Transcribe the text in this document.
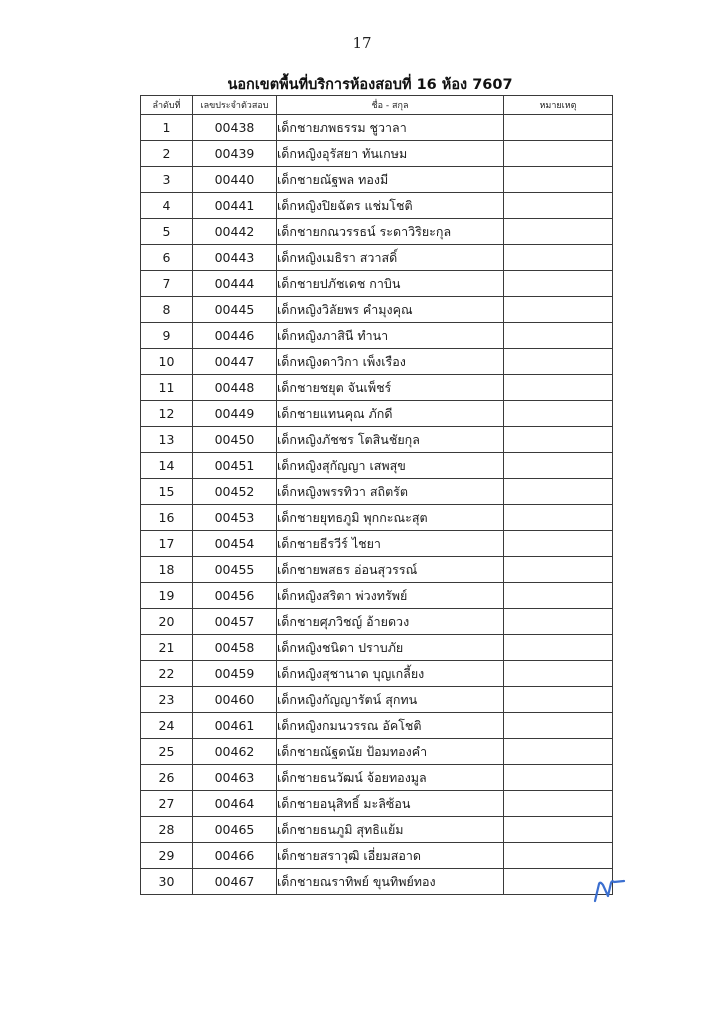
17
นอกเขตพื้นที่บริการห้องสอบที่ 16 ห้อง 7607
ลำดับที่	เลขประจำตัวสอบ	ชื่อ - สกุล	หมายเหตุ
1	00438	เด็กชายภพธรรม ชูวาลา	
2	00439	เด็กหญิงอุรัสยา ทันเกษม	
3	00440	เด็กชายณัฐพล ทองมี	
4	00441	เด็กหญิงปิยฉัตร แช่มโชติ	
5	00442	เด็กชายกณวรรธน์ ระดาวิริยะกุล	
6	00443	เด็กหญิงเมธิรา สวาสดิ์	
7	00444	เด็กชายปภัชเดช กาบิน	
8	00445	เด็กหญิงวิลัยพร คำมุงคุณ	
9	00446	เด็กหญิงภาสินี ทำนา	
10	00447	เด็กหญิงดาวิกา เพ็งเรือง	
11	00448	เด็กชายชยุต จันเพ็ชร์	
12	00449	เด็กชายแทนคุณ ภักดี	
13	00450	เด็กหญิงภัชชร โตสินชัยกุล	
14	00451	เด็กหญิงสุกัญญา เสพสุข	
15	00452	เด็กหญิงพรรทิวา สถิตรัต	
16	00453	เด็กชายยุทธภูมิ พุกกะณะสุต	
17	00454	เด็กชายธีรวีร์ ไชยา	
18	00455	เด็กชายพสธร อ่อนสุวรรณ์	
19	00456	เด็กหญิงสริตา พ่วงทรัพย์	
20	00457	เด็กชายศุภวิชญ์ อ้ายดวง	
21	00458	เด็กหญิงชนิดา ปราบภัย	
22	00459	เด็กหญิงสุชานาด บุญเกลี้ยง	
23	00460	เด็กหญิงกัญญารัตน์ สุกทน	
24	00461	เด็กหญิงกมนวรรณ อัคโชติ	
25	00462	เด็กชายณัฐดนัย ป้อมทองคำ	
26	00463	เด็กชายธนวัฒน์ จ้อยทองมูล	
27	00464	เด็กชายอนุสิทธิ์ มะลิซ้อน	
28	00465	เด็กชายธนภูมิ สุทธิแย้ม	
29	00466	เด็กชายสราวุฒิ เอี่ยมสอาด	
30	00467	เด็กชายณราทิพย์ ขุนทิพย์ทอง	
